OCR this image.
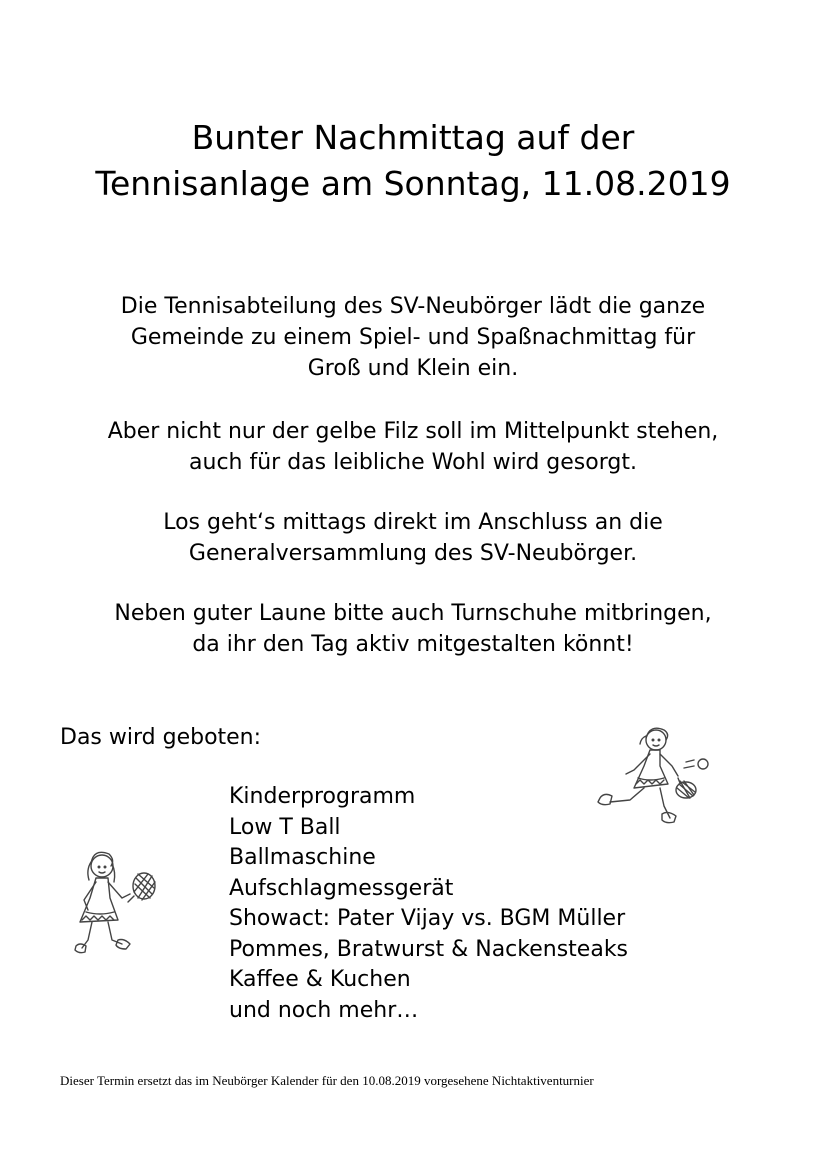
Bunter Nachmittag auf der
Tennisanlage am Sonntag, 11.08.2019

Die Tennisabteilung des SV-Neubörger lädt die ganze
Gemeinde zu einem Spiel- und Spaßnachmittag für
Groß und Klein ein.

Aber nicht nur der gelbe Filz soll im Mittelpunkt stehen,
auch für das leibliche Wohl wird gesorgt.

Los geht‘s mittags direkt im Anschluss an die
Generalversammlung des SV-Neubörger.

Neben guter Laune bitte auch Turnschuhe mitbringen,
da ihr den Tag aktiv mitgestalten könnt!

Das wird geboten:

Kinderprogramm
Low T Ball
Ballmaschine
Aufschlagmessgerät
Showact: Pater Vijay vs. BGM Müller
Pommes, Bratwurst & Nackensteaks
Kaffee & Kuchen
und noch mehr…

Dieser Termin ersetzt das im Neubörger Kalender für den 10.08.2019 vorgesehene Nichtaktiventurnier
